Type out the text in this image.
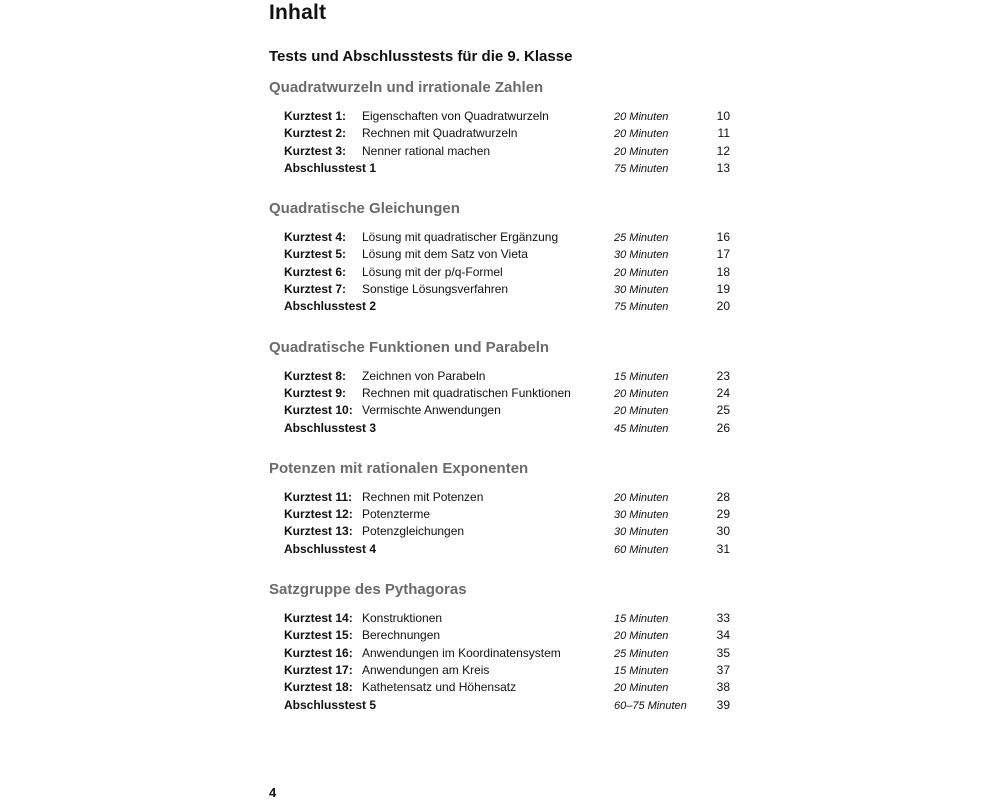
Inhalt
Tests und Abschlusstests für die 9. Klasse
Quadratwurzeln und irrationale Zahlen
Kurztest 1:	Eigenschaften von Quadratwurzeln	20 Minuten	10
Kurztest 2:	Rechnen mit Quadratwurzeln	20 Minuten	11
Kurztest 3:	Nenner rational machen	20 Minuten	12
Abschlusstest 1	75 Minuten	13
Quadratische Gleichungen
Kurztest 4:	Lösung mit quadratischer Ergänzung	25 Minuten	16
Kurztest 5:	Lösung mit dem Satz von Vieta	30 Minuten	17
Kurztest 6:	Lösung mit der p/q-Formel	20 Minuten	18
Kurztest 7:	Sonstige Lösungsverfahren	30 Minuten	19
Abschlusstest 2	75 Minuten	20
Quadratische Funktionen und Parabeln
Kurztest 8:	Zeichnen von Parabeln	15 Minuten	23
Kurztest 9:	Rechnen mit quadratischen Funktionen	20 Minuten	24
Kurztest 10: Vermischte Anwendungen	20 Minuten	25
Abschlusstest 3	45 Minuten	26
Potenzen mit rationalen Exponenten
Kurztest 11: Rechnen mit Potenzen	20 Minuten	28
Kurztest 12: Potenzterme	30 Minuten	29
Kurztest 13: Potenzgleichungen	30 Minuten	30
Abschlusstest 4	60 Minuten	31
Satzgruppe des Pythagoras
Kurztest 14: Konstruktionen	15 Minuten	33
Kurztest 15: Berechnungen	20 Minuten	34
Kurztest 16: Anwendungen im Koordinatensystem	25 Minuten	35
Kurztest 17: Anwendungen am Kreis	15 Minuten	37
Kurztest 18: Kathetensatz und Höhensatz	20 Minuten	38
Abschlusstest 5	60–75 Minuten	39
4
